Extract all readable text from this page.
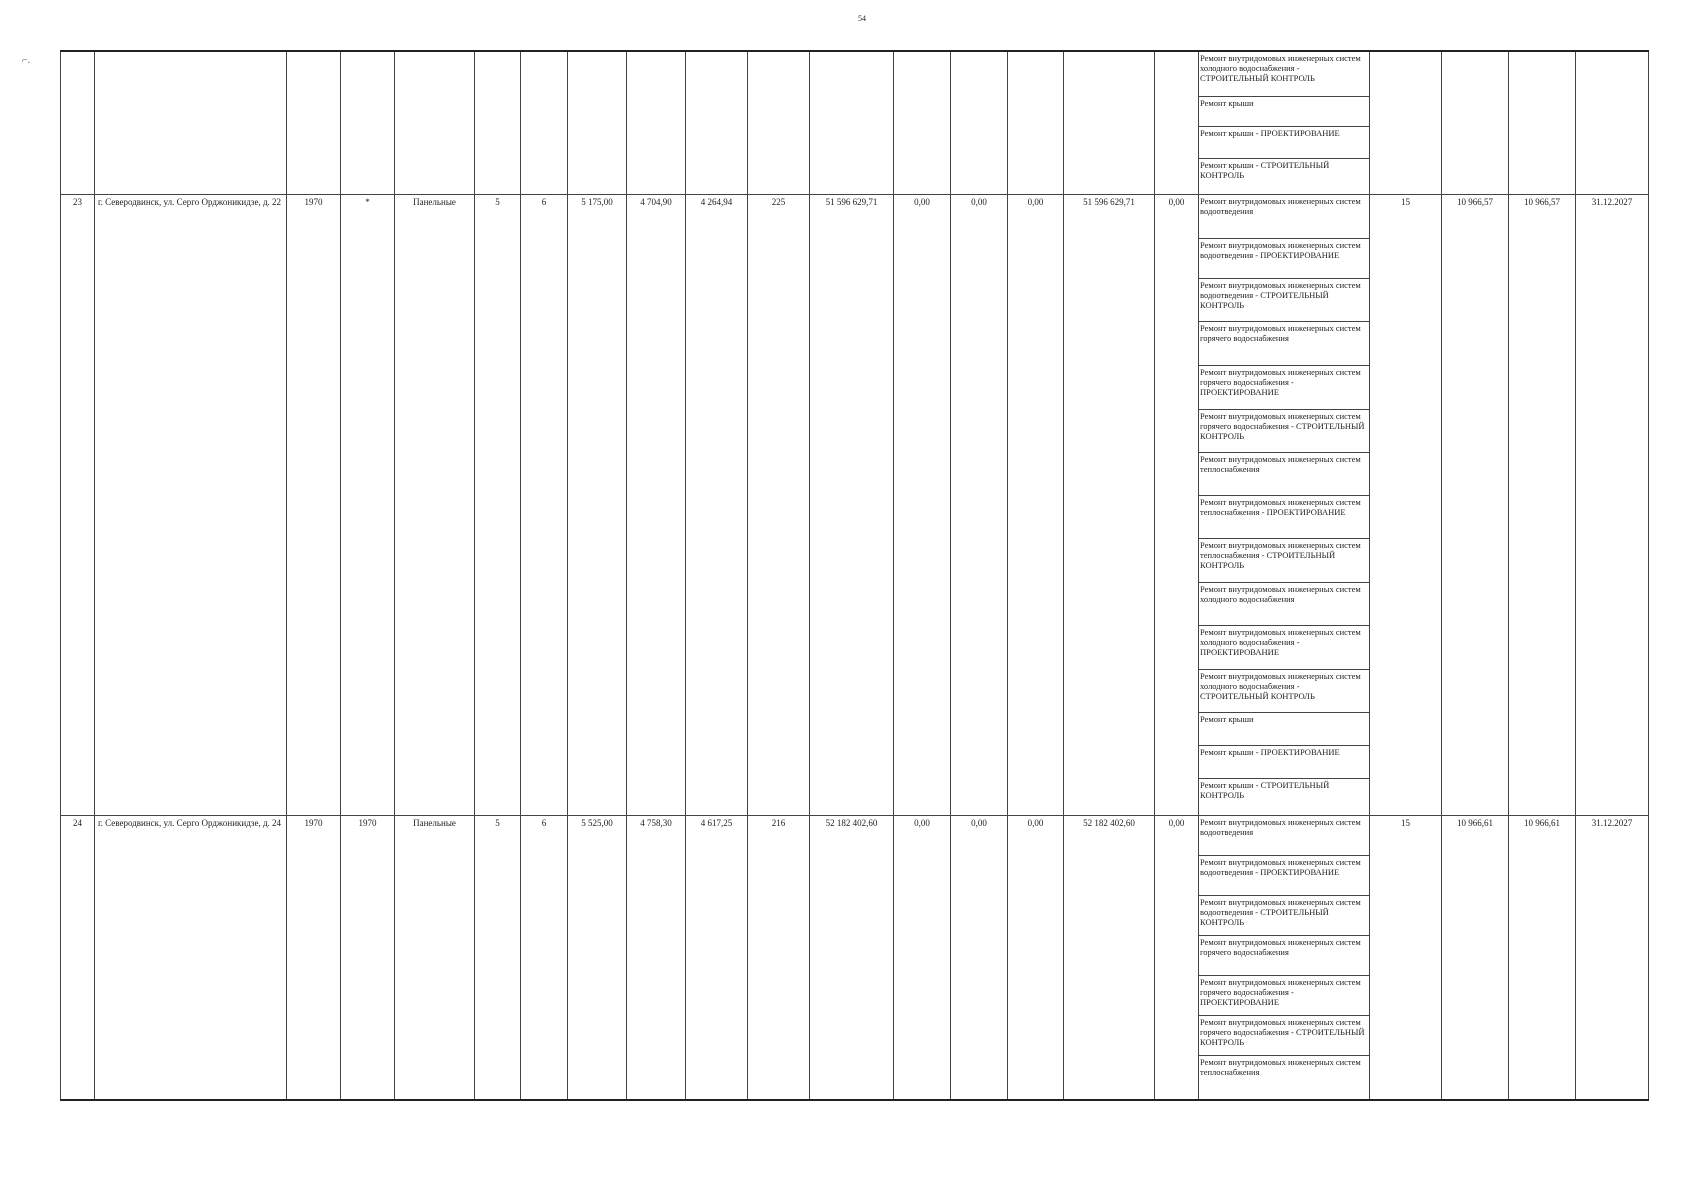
54
⌐.
																		Ремонт внутридомовых инженерных систем холодного водоснабжения - СТРОИТЕЛЬНЫЙ КОНТРОЛЬ
Ремонт крыши
Ремонт крыши - ПРОЕКТИРОВАНИЕ
Ремонт крыши - СТРОИТЕЛЬНЫЙ КОНТРОЛЬ

23	г. Северодвинск, ул. Серго Орджоникидзе, д. 22	1970	*	Панельные	5	6	5 175,00	4 704,90	4 264,94	225	51 596 629,71	0,00	0,00	0,00	51 596 629,71	0,00	Ремонт внутридомовых инженерных систем водоотведения
Ремонт внутридомовых инженерных систем водоотведения - ПРОЕКТИРОВАНИЕ
Ремонт внутридомовых инженерных систем водоотведения - СТРОИТЕЛЬНЫЙ КОНТРОЛЬ
Ремонт внутридомовых инженерных систем горячего водоснабжения
Ремонт внутридомовых инженерных систем горячего водоснабжения - ПРОЕКТИРОВАНИЕ
Ремонт внутридомовых инженерных систем горячего водоснабжения - СТРОИТЕЛЬНЫЙ КОНТРОЛЬ
Ремонт внутридомовых инженерных систем теплоснабжения
Ремонт внутридомовых инженерных систем теплоснабжения - ПРОЕКТИРОВАНИЕ
Ремонт внутридомовых инженерных систем теплоснабжения - СТРОИТЕЛЬНЫЙ КОНТРОЛЬ
Ремонт внутридомовых инженерных систем холодного водоснабжения
Ремонт внутридомовых инженерных систем холодного водоснабжения - ПРОЕКТИРОВАНИЕ
Ремонт внутридомовых инженерных систем холодного водоснабжения - СТРОИТЕЛЬНЫЙ КОНТРОЛЬ
Ремонт крыши
Ремонт крыши - ПРОЕКТИРОВАНИЕ
Ремонт крыши - СТРОИТЕЛЬНЫЙ КОНТРОЛЬ
	15	10 966,57	10 966,57	31.12.2027
24	г. Северодвинск, ул. Серго Орджоникидзе, д. 24	1970	1970	Панельные	5	6	5 525,00	4 758,30	4 617,25	216	52 182 402,60	0,00	0,00	0,00	52 182 402,60	0,00	Ремонт внутридомовых инженерных систем водоотведения
Ремонт внутридомовых инженерных систем водоотведения - ПРОЕКТИРОВАНИЕ
Ремонт внутридомовых инженерных систем водоотведения - СТРОИТЕЛЬНЫЙ КОНТРОЛЬ
Ремонт внутридомовых инженерных систем горячего водоснабжения
Ремонт внутридомовых инженерных систем горячего водоснабжения - ПРОЕКТИРОВАНИЕ
Ремонт внутридомовых инженерных систем горячего водоснабжения - СТРОИТЕЛЬНЫЙ КОНТРОЛЬ
Ремонт внутридомовых инженерных систем теплоснабжения
	15	10 966,61	10 966,61	31.12.2027
